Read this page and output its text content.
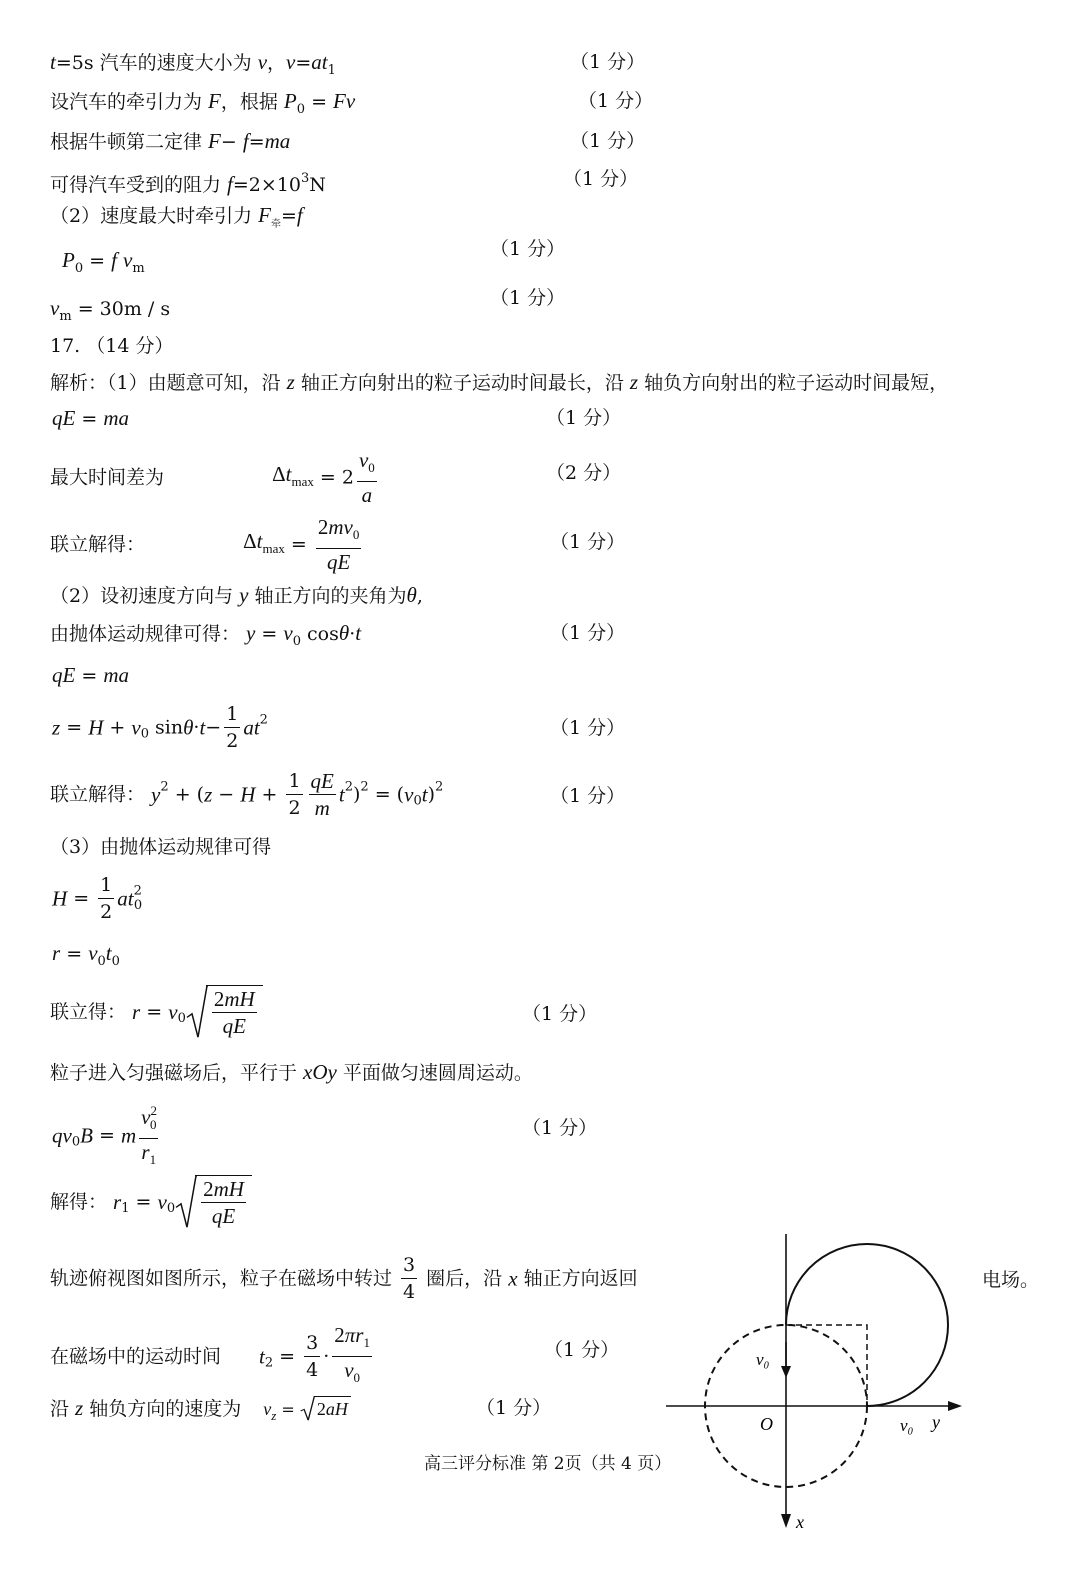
t=5s 汽车的速度大小为 v，$v=at_1$	（1 分）
设汽车的牵引力为 F，根据 $P_0 = Fv$	（1 分）
根据牛顿第二定律 F− f=ma	（1 分）
可得汽车受到的阻力 $f=2\times 10^3N$	（1 分）
（2）速度最大时牵引力 $F_牵=f$
$P_0 = f$ $v_m$
（1 分）
$v_m = 30m / s$	（1 分）
17. （14 分）
解析：（1）由题意可知，沿 z 轴正方向射出的粒子运动时间最长，沿 z 轴负方向射出的粒子运动时间最短，
qE = ma	（1 分）
最大时间差为	$\Delta t_{max} = 2 \frac{v_0}{a}$	（2 分）
联立解得：	$\Delta t_{max} = \frac{2mv_0}{qE}$	（1 分）
（2）设初速度方向与 y 轴正方向的夹角为θ,
由抛体运动规律可得： $y = v_0$ cosθ·t	（1 分）
qE = ma
$z = H + v_0$ $\sin\theta\cdot t- \frac{1}{2} at^2$	（1 分）
联立解得： $y^2 + (z - H + \frac{1}{2} \frac{qE}{m} t^2)^2 = (v_0t)^2$	（1 分）
（3）由抛体运动规律可得
$H = \frac{1}{2} at^2_0$
$r = v_0t_0$
联立得： $r = v_0 \frac{2mH}{qE}$	（1 分）
粒子进入匀强磁场后，平行于 xOy 平面做匀速圆周运动。
$qv_0B = m \frac{v^2_0}{r_1}$	（1 分）
解得： $r_1 = v_0 \frac{2mH}{qE}$
轨迹俯视图如图所示，粒子在磁场中转过 $\frac{3}{4}$ 圈后，沿 x 轴正方向返回	电场。
在磁场中的运动时间 $t_2 = \frac{3}{4} \cdot \frac{2\pi r_1}{v_0}$	（1 分）
沿 z 轴负方向的速度为 $v_z$ =
2aH	（1 分）
高三评分标准 第 2页（共 4 页）
v₀
O	v₀ y
x
